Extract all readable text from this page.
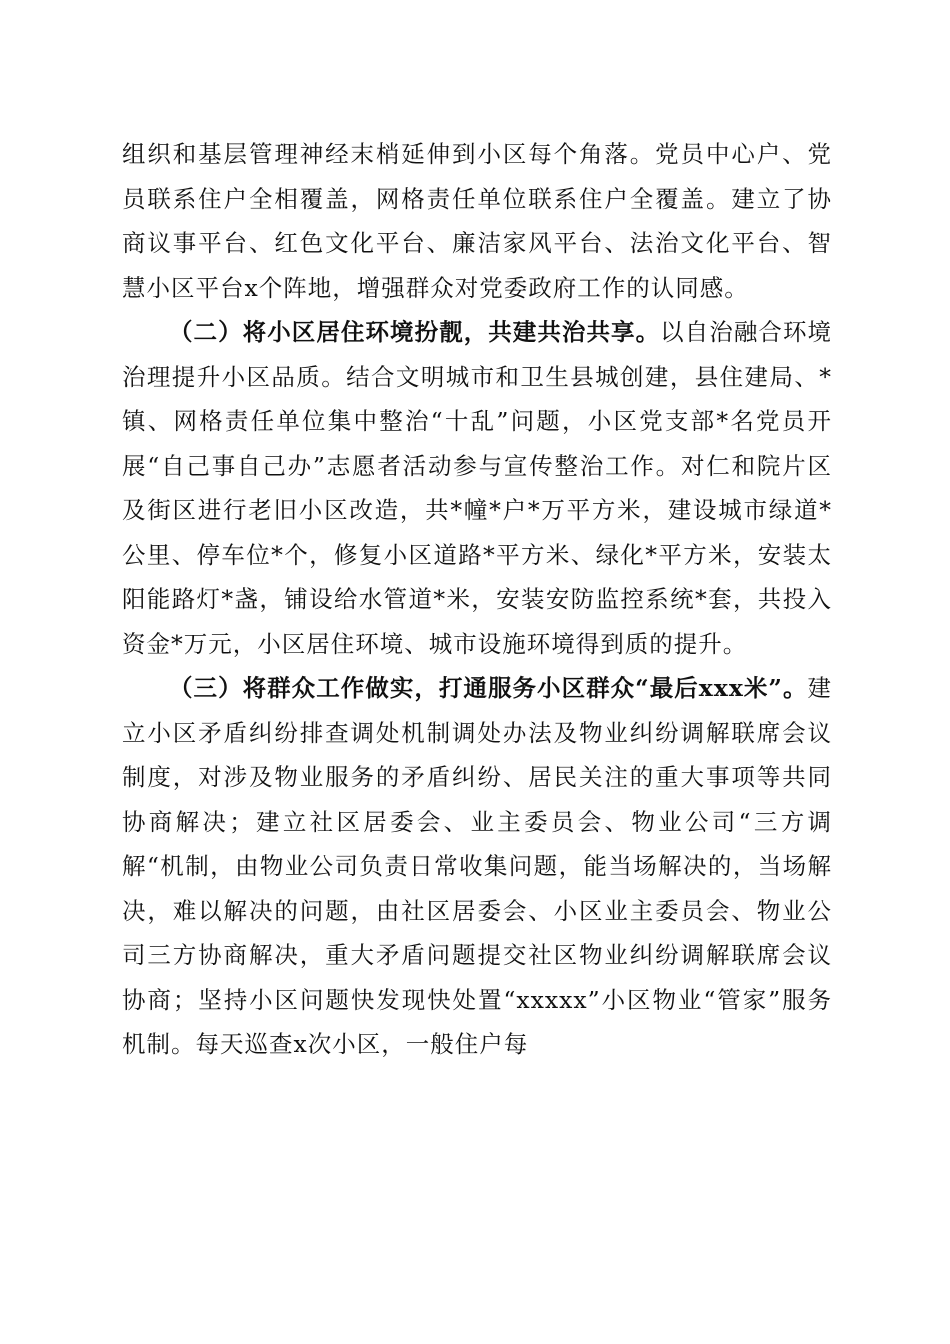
组织和基层管理神经末梢延伸到小区每个角落。党员中心户、党员联系住户全相覆盖，网格责任单位联系住户全覆盖。建立了协商议事平台、红色文化平台、廉洁家风平台、法治文化平台、智慧小区平台x个阵地，增强群众对党委政府工作的认同感。

（二）将小区居住环境扮靓，共建共治共享。以自治融合环境治理提升小区品质。结合文明城市和卫生县城创建，县住建局、*镇、网格责任单位集中整治“十乱”问题，小区党支部*名党员开展“自己事自己办”志愿者活动参与宣传整治工作。对仁和院片区及街区进行老旧小区改造，共*幢*户*万平方米，建设城市绿道*公里、停车位*个，修复小区道路*平方米、绿化*平方米，安装太阳能路灯*盏，铺设给水管道*米，安装安防监控系统*套，共投入资金*万元，小区居住环境、城市设施环境得到质的提升。

（三）将群众工作做实，打通服务小区群众“最后xxx米”。建立小区矛盾纠纷排查调处机制调处办法及物业纠纷调解联席会议制度，对涉及物业服务的矛盾纠纷、居民关注的重大事项等共同协商解决；建立社区居委会、业主委员会、物业公司“三方调解“机制，由物业公司负责日常收集问题，能当场解决的，当场解决，难以解决的问题，由社区居委会、小区业主委员会、物业公司三方协商解决，重大矛盾问题提交社区物业纠纷调解联席会议协商；坚持小区问题快发现快处置“xxxxx”小区物业“管家”服务机制。每天巡查x次小区，一般住户每
